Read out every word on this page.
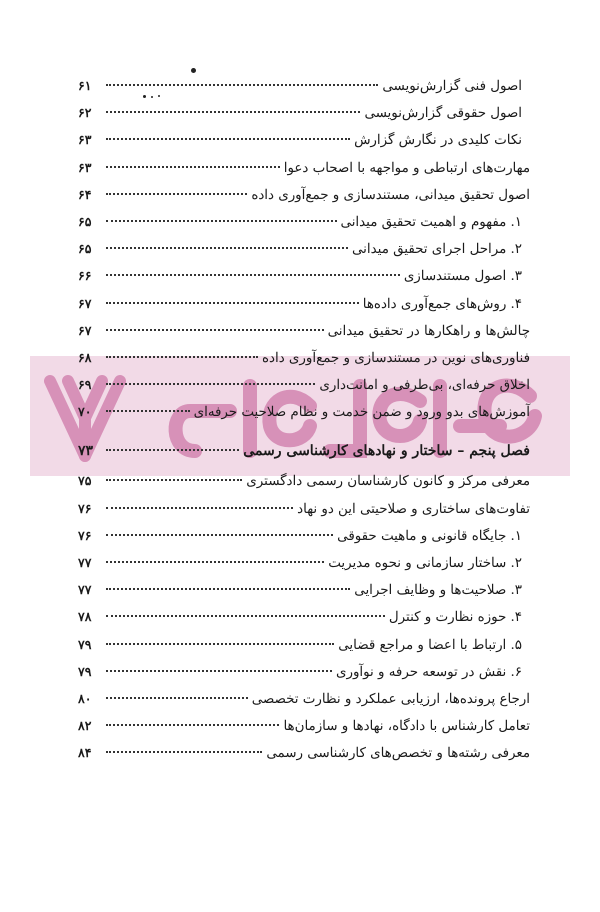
اصول فنی گزارش‌نویسی
۶۱
اصول حقوقی گزارش‌نویسی
۶۲
نکات کلیدی در نگارش گزارش
۶۳
مهارت‌های ارتباطی و مواجهه با اصحاب دعوا
۶۳
اصول تحقیق میدانی، مستندسازی و جمع‌آوری داده
۶۴
۱. مفهوم و اهمیت تحقیق میدانی
۶۵
۲. مراحل اجرای تحقیق میدانی
۶۵
۳. اصول مستندسازی
۶۶
۴. روش‌های جمع‌آوری داده‌ها
۶۷
چالش‌ها و راهکارها در تحقیق میدانی
۶۷
فناوری‌های نوین در مستندسازی و جمع‌آوری داده
۶۸
اخلاق حرفه‌ای، بی‌طرفی و امانت‌داری
۶۹
آموزش‌های بدو ورود و ضمن خدمت و نظام صلاحیت حرفه‌ای
۷۰
فصل پنجم – ساختار و نهادهای کارشناسی رسمی
۷۳
معرفی مرکز و کانون کارشناسان رسمی دادگستری
۷۵
تفاوت‌های ساختاری و صلاحیتی این دو نهاد
۷۶
۱. جایگاه قانونی و ماهیت حقوقی
۷۶
۲. ساختار سازمانی و نحوه مدیریت
۷۷
۳. صلاحیت‌ها و وظایف اجرایی
۷۷
۴. حوزه نظارت و کنترل
۷۸
۵. ارتباط با اعضا و مراجع قضایی
۷۹
۶. نقش در توسعه حرفه و نوآوری
۷۹
ارجاع پرونده‌ها، ارزیابی عملکرد و نظارت تخصصی
۸۰
تعامل کارشناس با دادگاه، نهادها و سازمان‌ها
۸۲
معرفی رشته‌ها و تخصص‌های کارشناسی رسمی
۸۴
